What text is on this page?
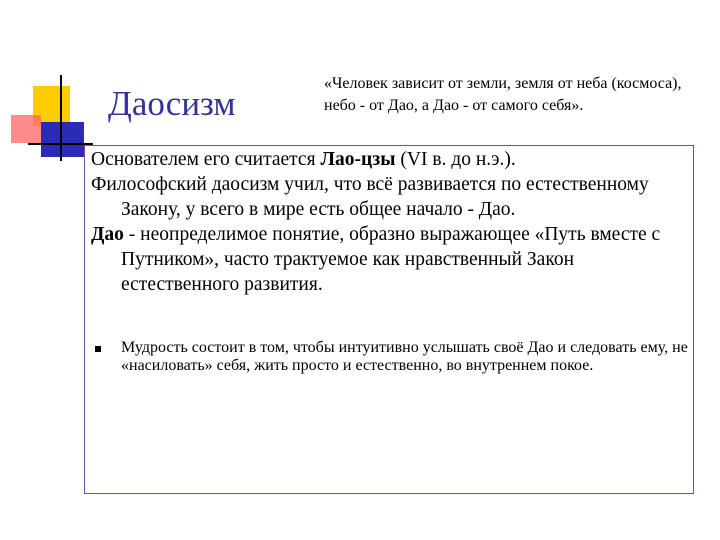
Даосизм
«Человек зависит от земли, земля от неба (космоса), небо - от Дао, а Дао - от самого себя».

Основателем его считается Лао-цзы (VI в. до н.э.).

Философский даосизм учил, что всё развивается по естественному Закону, у всего в мире есть общее начало - Дао.

Дао - неопределимое понятие, образно выражающее «Путь вместе с Путником», часто трактуемое как нравственный Закон естественного развития.

Мудрость состоит в том, чтобы интуитивно услышать своё Дао и следовать ему, не «насиловать» себя, жить просто и естественно, во внутреннем покое.
